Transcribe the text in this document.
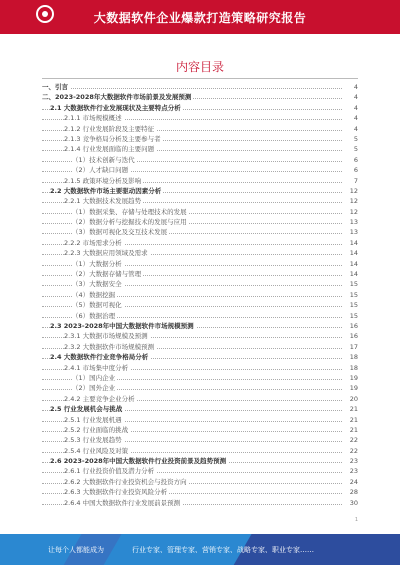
大数据软件企业爆款打造策略研究报告
内容目录
一、引言	4
二、2023-2028年大数据软件市场前景及发展预测	4
2.1 大数据软件行业发展现状及主要特点分析	4
2.1.1 市场规模概述	4
2.1.2 行业发展阶段及主要特征	4
2.1.3 竞争格局分析及主要参与者	5
2.1.4 行业发展面临的主要问题	5
（1）技术创新与迭代	6
（2）人才缺口问题	6
2.1.5 政策环境分析及影响	7
2.2 大数据软件市场主要驱动因素分析	12
2.2.1 大数据技术发展趋势	12
（1）数据采集、存储与处理技术的发展	12
（2）数据分析与挖掘技术的发展与应用	13
（3）数据可视化及交互技术发展	13
2.2.2 市场需求分析	14
2.2.3 大数据应用领域及需求	14
（1）大数据分析	14
（2）大数据存储与管理	14
（3）大数据安全	15
（4）数据挖掘	15
（5）数据可视化	15
（6）数据治理	15
2.3 2023-2028年中国大数据软件市场规模预测	16
2.3.1 大数据市场规模及预测	16
2.3.2 大数据软件市场规模预测	17
2.4 大数据软件行业竞争格局分析	18
2.4.1 市场集中度分析	18
（1）国内企业	19
（2）国外企业	19
2.4.2 主要竞争企业分析	20
2.5 行业发展机会与挑战	21
2.5.1 行业发展机遇	21
2.5.2 行业面临的挑战	21
2.5.3 行业发展趋势	22
2.5.4 行业风险及对策	22
2.6 2023-2028年中国大数据软件行业投资前景及趋势预测	23
2.6.1 行业投资价值及潜力分析	23
2.6.2 大数据软件行业投资机会与投资方向	24
2.6.3 大数据软件行业投资风险分析	28
2.6.4 中国大数据软件行业发展前景预测	30
1
让每个人都能成为	行业专家、管理专家、营销专家、战略专家、职业专家……
